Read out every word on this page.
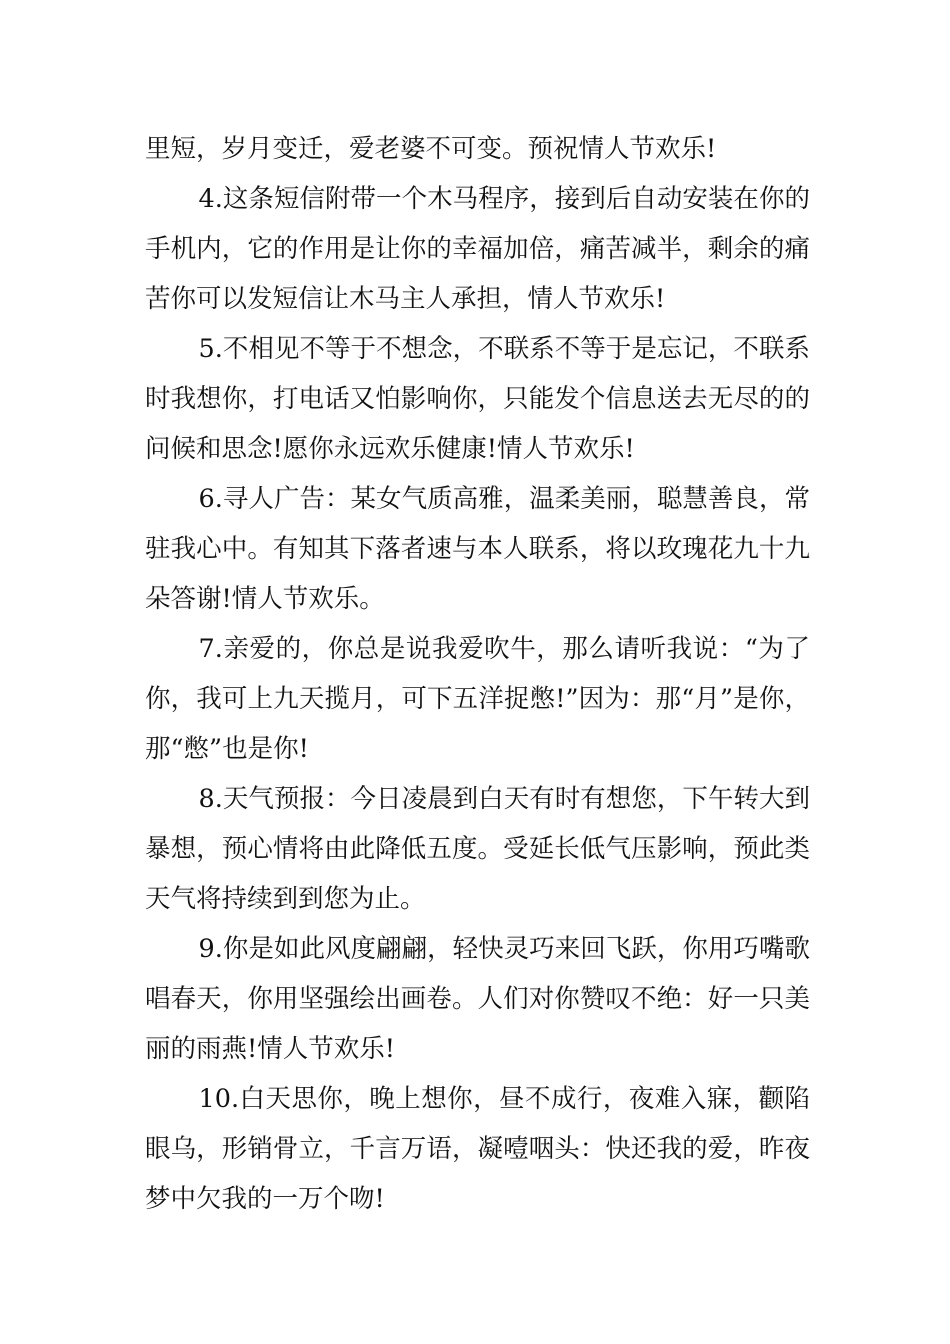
里短，岁月变迁，爱老婆不可变。预祝情人节欢乐!

4.这条短信附带一个木马程序，接到后自动安装在你的手机内，它的作用是让你的幸福加倍，痛苦减半，剩余的痛苦你可以发短信让木马主人承担，情人节欢乐!

5.不相见不等于不想念，不联系不等于是忘记，不联系时我想你，打电话又怕影响你，只能发个信息送去无尽的的问候和思念!愿你永远欢乐健康!情人节欢乐!

6.寻人广告：某女气质高雅，温柔美丽，聪慧善良，常驻我心中。有知其下落者速与本人联系，将以玫瑰花九十九朵答谢!情人节欢乐。

7.亲爱的，你总是说我爱吹牛，那么请听我说：“为了你，我可上九天揽月，可下五洋捉憋!”因为：那“月”是你，那“憋”也是你!

8.天气预报：今日凌晨到白天有时有想您，下午转大到暴想，预心情将由此降低五度。受延长低气压影响，预此类天气将持续到到您为止。

9.你是如此风度翩翩，轻快灵巧来回飞跃，你用巧嘴歌唱春天，你用坚强绘出画卷。人们对你赞叹不绝：好一只美丽的雨燕!情人节欢乐!

10.白天思你，晚上想你，昼不成行，夜难入寐，颧陷眼乌，形销骨立，千言万语，凝噎咽头：快还我的爱，昨夜梦中欠我的一万个吻!
